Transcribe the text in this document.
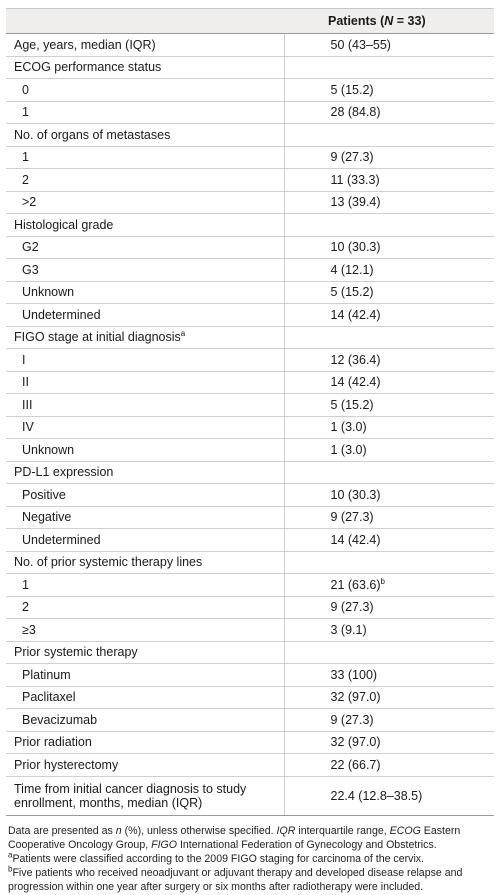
	Patients (N = 33)
Age, years, median (IQR)	50 (43–55)
ECOG performance status	
0	5 (15.2)
1	28 (84.8)
No. of organs of metastases	
1	9 (27.3)
2	11 (33.3)
>2	13 (39.4)
Histological grade	
G2	10 (30.3)
G3	4 (12.1)
Unknown	5 (15.2)
Undetermined	14 (42.4)
FIGO stage at initial diagnosis$^a$	
I	12 (36.4)
II	14 (42.4)
III	5 (15.2)
IV	1 (3.0)
Unknown	1 (3.0)
PD-L1 expression	
Positive	10 (30.3)
Negative	9 (27.3)
Undetermined	14 (42.4)
No. of prior systemic therapy lines	
1	21 $(63.6)^b$
2	9 (27.3)
≥3	3 (9.1)
Prior systemic therapy	
Platinum	33 (100)
Paclitaxel	32 (97.0)
Bevacizumab	9 (27.3)
Prior radiation	32 (97.0)
Prior hysterectomy	22 (66.7)
Time from initial cancer diagnosis to study enrollment, months, median (IQR)	22.4 (12.8–38.5)

Data are presented as n (%), unless otherwise specified. IQR interquartile range, ECOG Eastern Cooperative Oncology Group, FIGO International Federation of Gynecology and Obstetrics.

$^a$Patients were classified according to the 2009 FIGO staging for carcinoma of the cervix.

$^b$Five patients who received neoadjuvant or adjuvant therapy and developed disease relapse and progression within one year after surgery or six months after radiotherapy were included.
